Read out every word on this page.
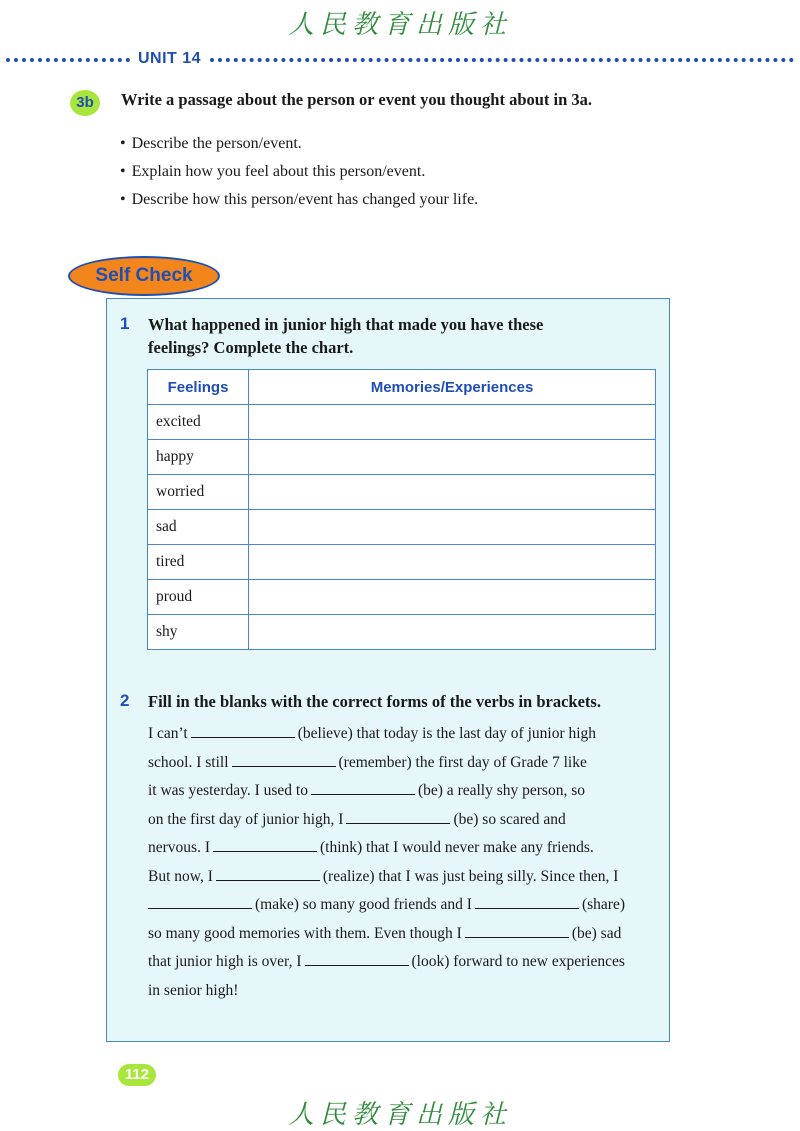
人民教育出版社
UNIT 14
3b	Write a passage about the person or event you thought about in 3a.
• Describe the person/event.
• Explain how you feel about this person/event.
• Describe how this person/event has changed your life.
Self Check
1 What happened in junior high that made you have these
feelings? Complete the chart.
Feelings	Memories/Experiences
excited	
happy	
worried	
sad	
tired	
proud	
shy	
2 Fill in the blanks with the correct forms of the verbs in brackets.
I can’t	(believe) that today is the last day of junior high
school. I still	(remember) the first day of Grade 7 like
it was yesterday. I used to	(be) a really shy person, so
on the first day of junior high, I	(be) so scared and
nervous. I	(think) that I would never make any friends.
But now, I	(realize) that I was just being silly. Since then, I
(make) so many good friends and I	(share)
so many good memories with them. Even though I	(be) sad
that junior high is over, I	(look) forward to new experiences
in senior high!
112
人民教育出版社
